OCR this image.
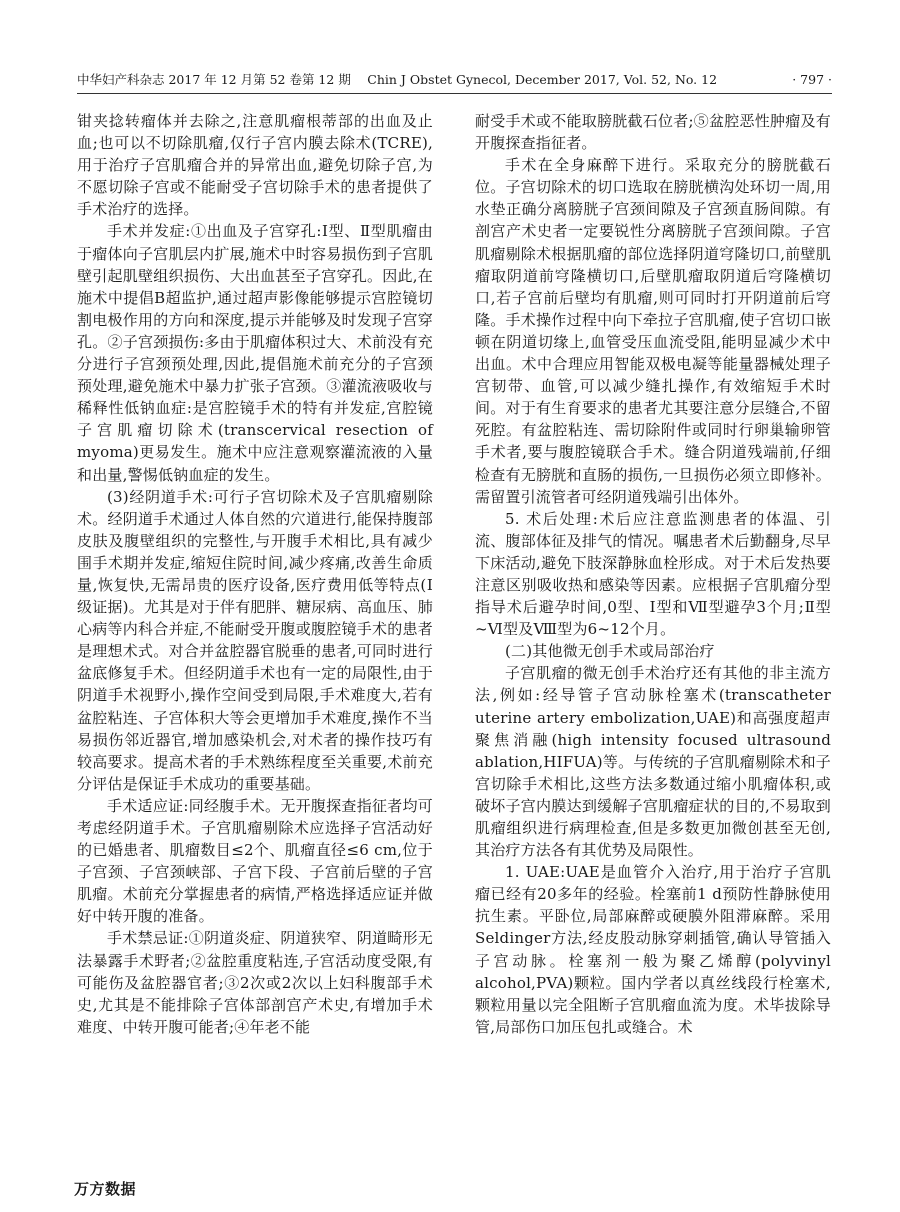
中华妇产科杂志 2017 年 12 月第 52 卷第 12 期 　Chin J Obstet Gynecol, December 2017, Vol. 52, No. 12	· 797 ·

钳夹捻转瘤体并去除之,注意肌瘤根蒂部的出血及止血;也可以不切除肌瘤,仅行子宫内膜去除术(TCRE),用于治疗子宫肌瘤合并的异常出血,避免切除子宫,为不愿切除子宫或不能耐受子宫切除手术的患者提供了手术治疗的选择。

手术并发症:①出血及子宫穿孔:Ⅰ型、Ⅱ型肌瘤由于瘤体向子宫肌层内扩展,施术中时容易损伤到子宫肌壁引起肌壁组织损伤、大出血甚至子宫穿孔。因此,在施术中提倡B超监护,通过超声影像能够提示宫腔镜切割电极作用的方向和深度,提示并能够及时发现子宫穿孔。②子宫颈损伤:多由于肌瘤体积过大、术前没有充分进行子宫颈预处理,因此,提倡施术前充分的子宫颈预处理,避免施术中暴力扩张子宫颈。③灌流液吸收与稀释性低钠血症:是宫腔镜手术的特有并发症,宫腔镜子宫肌瘤切除术(transcervical resection of myoma)更易发生。施术中应注意观察灌流液的入量和出量,警惕低钠血症的发生。

(3)经阴道手术:可行子宫切除术及子宫肌瘤剔除术。经阴道手术通过人体自然的穴道进行,能保持腹部皮肤及腹壁组织的完整性,与开腹手术相比,具有减少围手术期并发症,缩短住院时间,减少疼痛,改善生命质量,恢复快,无需昂贵的医疗设备,医疗费用低等特点(Ⅰ级证据)。尤其是对于伴有肥胖、糖尿病、高血压、肺心病等内科合并症,不能耐受开腹或腹腔镜手术的患者是理想术式。对合并盆腔器官脱垂的患者,可同时进行盆底修复手术。但经阴道手术也有一定的局限性,由于阴道手术视野小,操作空间受到局限,手术难度大,若有盆腔粘连、子宫体积大等会更增加手术难度,操作不当易损伤邻近器官,增加感染机会,对术者的操作技巧有较高要求。提高术者的手术熟练程度至关重要,术前充分评估是保证手术成功的重要基础。

手术适应证:同经腹手术。无开腹探查指征者均可考虑经阴道手术。子宫肌瘤剔除术应选择子宫活动好的已婚患者、肌瘤数目≤2个、肌瘤直径≤6 cm,位于子宫颈、子宫颈峡部、子宫下段、子宫前后壁的子宫肌瘤。术前充分掌握患者的病情,严格选择适应证并做好中转开腹的准备。

手术禁忌证:①阴道炎症、阴道狭窄、阴道畸形无法暴露手术野者;②盆腔重度粘连,子宫活动度受限,有可能伤及盆腔器官者;③2次或2次以上妇科腹部手术史,尤其是不能排除子宫体部剖宫产术史,有增加手术难度、中转开腹可能者;④年老不能

耐受手术或不能取膀胱截石位者;⑤盆腔恶性肿瘤及有开腹探查指征者。

手术在全身麻醉下进行。采取充分的膀胱截石位。子宫切除术的切口选取在膀胱横沟处环切一周,用水垫正确分离膀胱子宫颈间隙及子宫颈直肠间隙。有剖宫产术史者一定要锐性分离膀胱子宫颈间隙。子宫肌瘤剔除术根据肌瘤的部位选择阴道穹隆切口,前壁肌瘤取阴道前穹隆横切口,后壁肌瘤取阴道后穹隆横切口,若子宫前后壁均有肌瘤,则可同时打开阴道前后穹隆。手术操作过程中向下牵拉子宫肌瘤,使子宫切口嵌顿在阴道切缘上,血管受压血流受阻,能明显减少术中出血。术中合理应用智能双极电凝等能量器械处理子宫韧带、血管,可以减少缝扎操作,有效缩短手术时间。对于有生育要求的患者尤其要注意分层缝合,不留死腔。有盆腔粘连、需切除附件或同时行卵巢输卵管手术者,要与腹腔镜联合手术。缝合阴道残端前,仔细检查有无膀胱和直肠的损伤,一旦损伤必须立即修补。需留置引流管者可经阴道残端引出体外。

5. 术后处理:术后应注意监测患者的体温、引流、腹部体征及排气的情况。嘱患者术后勤翻身,尽早下床活动,避免下肢深静脉血栓形成。对于术后发热要注意区别吸收热和感染等因素。应根据子宫肌瘤分型指导术后避孕时间,0型、Ⅰ型和Ⅶ型避孕3个月;Ⅱ型~Ⅵ型及Ⅷ型为6~12个月。

(二)其他微无创手术或局部治疗

子宫肌瘤的微无创手术治疗还有其他的非主流方法,例如:经导管子宫动脉栓塞术(transcatheter uterine artery embolization,UAE)和高强度超声聚焦消融(high intensity focused ultrasound ablation,HIFUA)等。与传统的子宫肌瘤剔除术和子宫切除手术相比,这些方法多数通过缩小肌瘤体积,或破坏子宫内膜达到缓解子宫肌瘤症状的目的,不易取到肌瘤组织进行病理检查,但是多数更加微创甚至无创,其治疗方法各有其优势及局限性。

1. UAE:UAE是血管介入治疗,用于治疗子宫肌瘤已经有20多年的经验。栓塞前1 d预防性静脉使用抗生素。平卧位,局部麻醉或硬膜外阻滞麻醉。采用Seldinger方法,经皮股动脉穿刺插管,确认导管插入子宫动脉。栓塞剂一般为聚乙烯醇(polyvinyl alcohol,PVA)颗粒。国内学者以真丝线段行栓塞术,颗粒用量以完全阻断子宫肌瘤血流为度。术毕拔除导管,局部伤口加压包扎或缝合。术

万方数据
